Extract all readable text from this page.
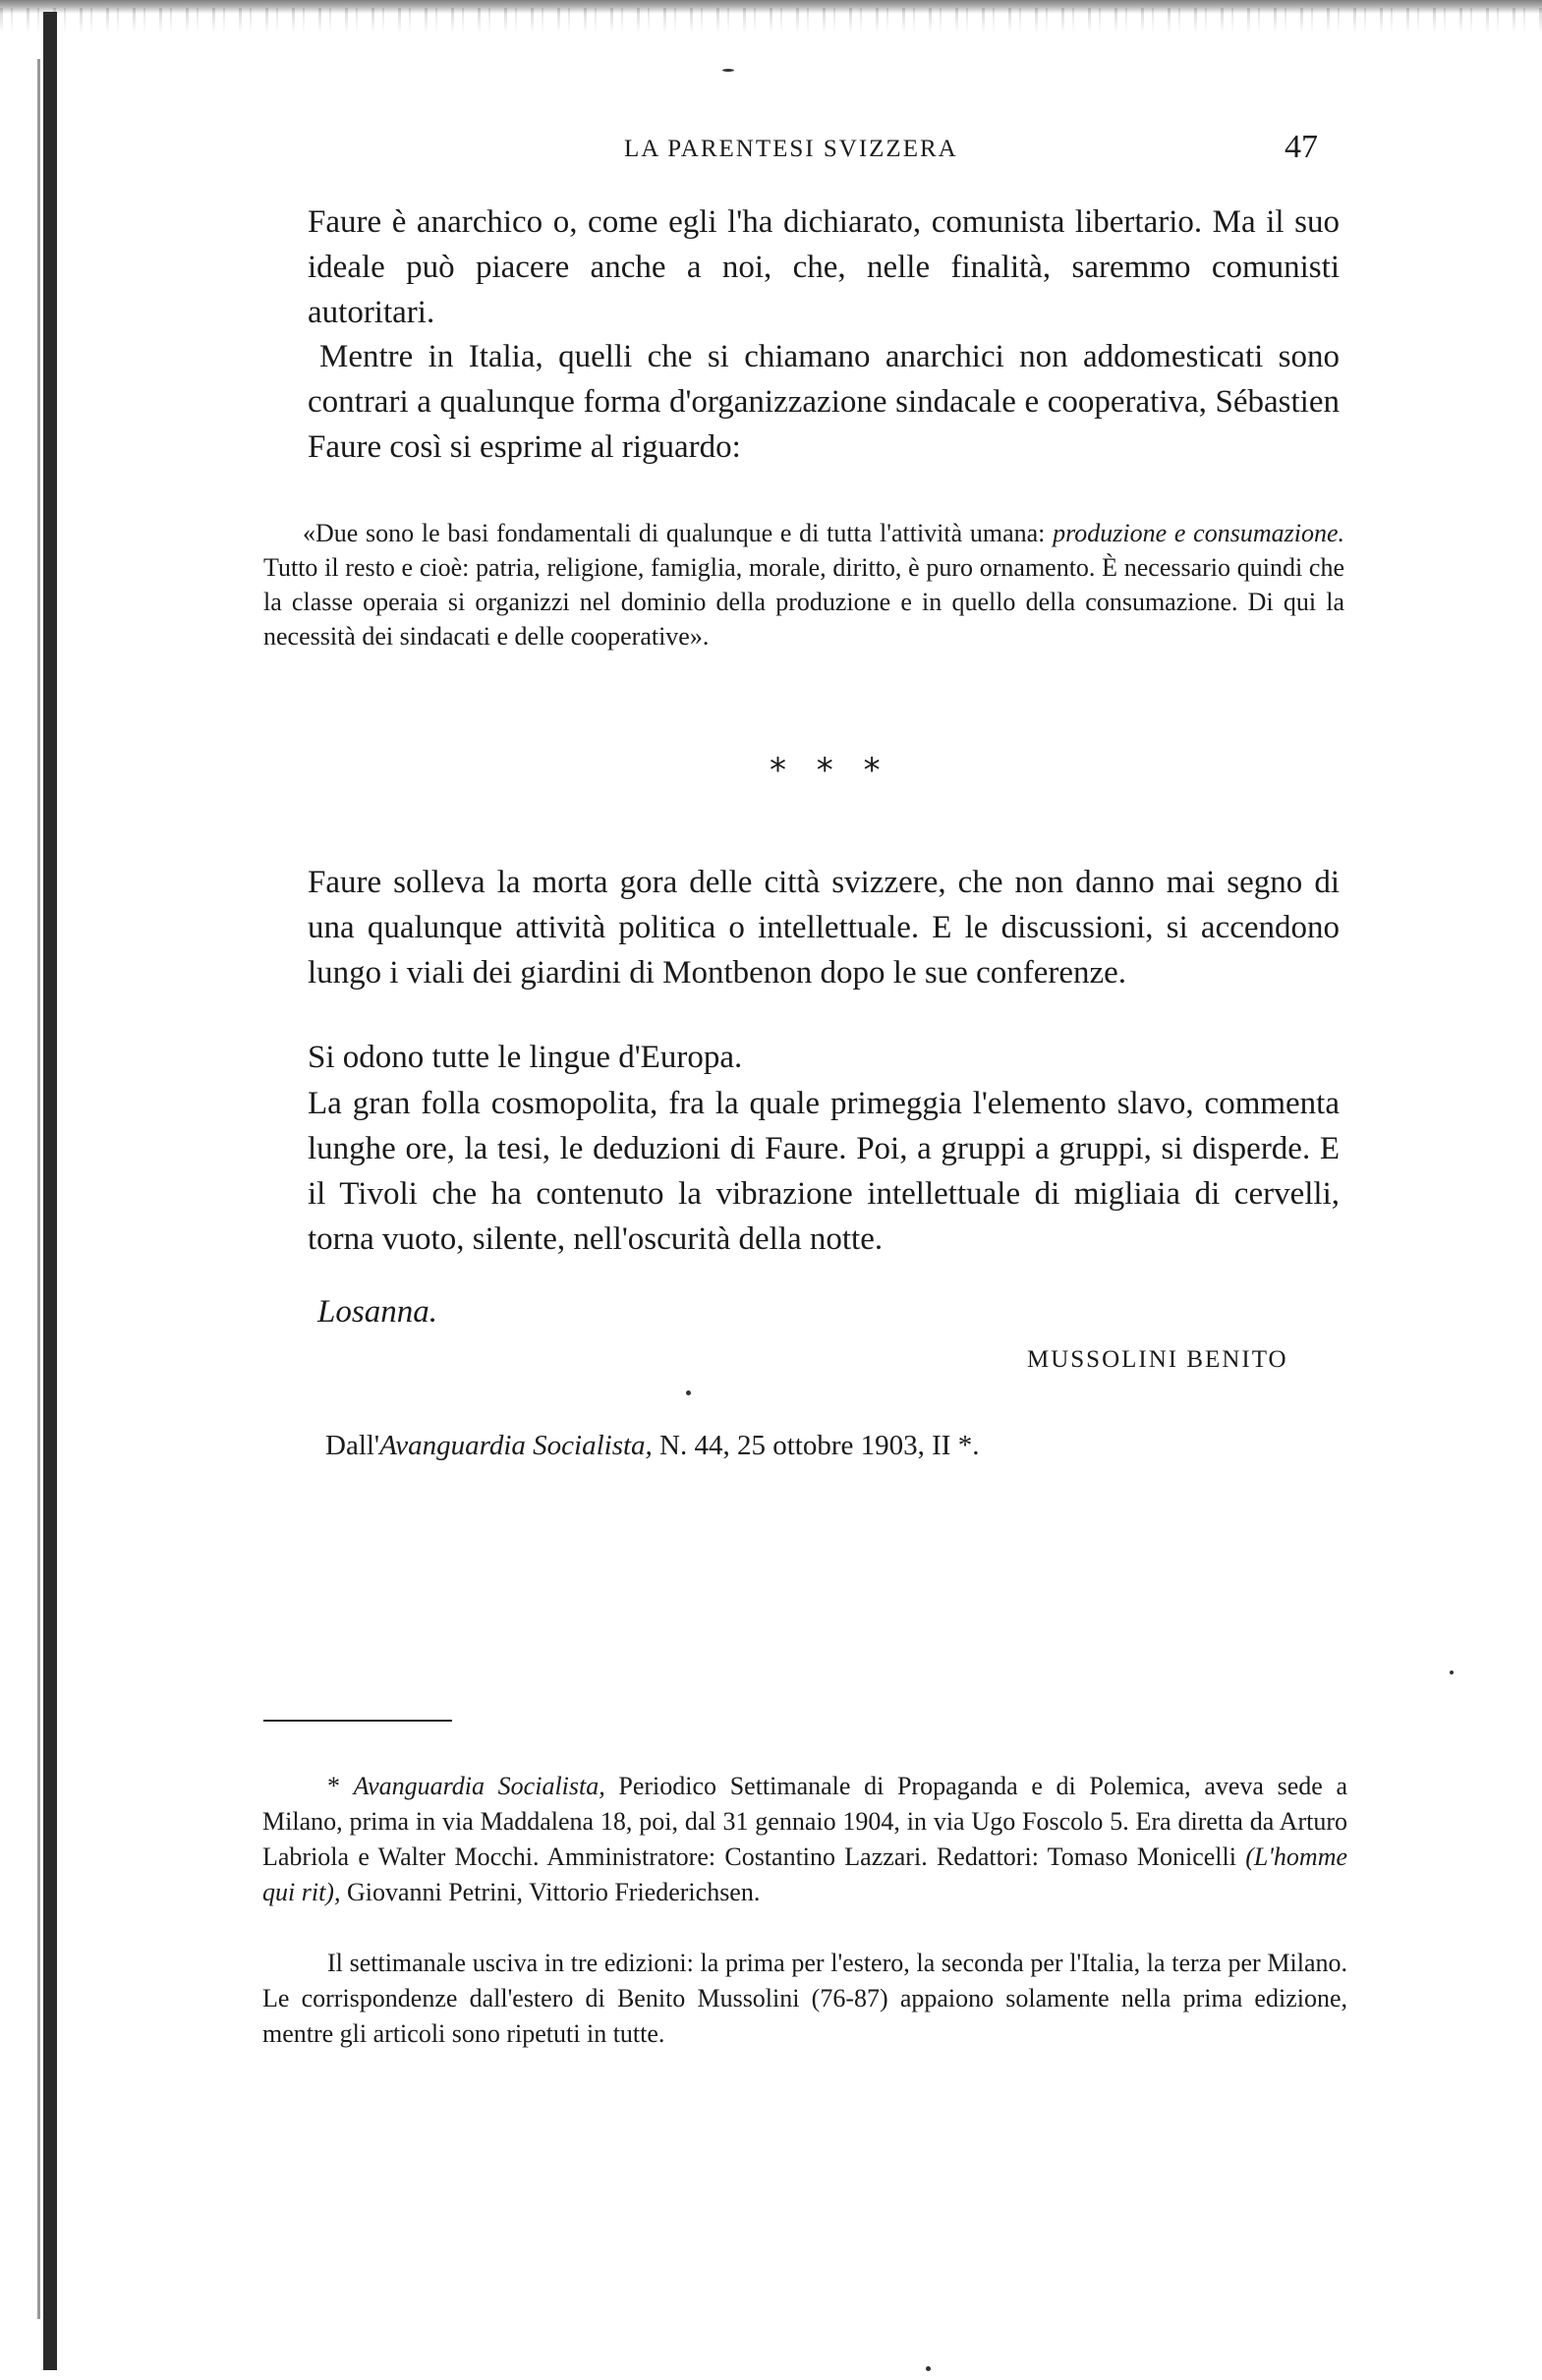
LA PARENTESI SVIZZERA	47

Faure è anarchico o, come egli l'ha dichiarato, comunista libertario. Ma il suo ideale può piacere anche a noi, che, nelle finalità, saremmo comunisti autoritari.

Mentre in Italia, quelli che si chiamano anarchici non addomesticati sono contrari a qualunque forma d'organizzazione sindacale e cooperativa, Sébastien Faure così si esprime al riguardo:

«Due sono le basi fondamentali di qualunque e di tutta l'attività umana: produzione e consumazione. Tutto il resto e cioè: patria, religione, famiglia, morale, diritto, è puro ornamento. È necessario quindi che la classe operaia si organizzi nel dominio della produzione e in quello della consumazione. Di qui la necessità dei sindacati e delle cooperative».

* * *

Faure solleva la morta gora delle città svizzere, che non danno mai segno di una qualunque attività politica o intellettuale. E le discussioni, si accendono lungo i viali dei giardini di Montbenon dopo le sue conferenze.

Si odono tutte le lingue d'Europa.

La gran folla cosmopolita, fra la quale primeggia l'elemento slavo, commenta lunghe ore, la tesi, le deduzioni di Faure. Poi, a gruppi a gruppi, si disperde. E il Tivoli che ha contenuto la vibrazione intellettuale di migliaia di cervelli, torna vuoto, silente, nell'oscurità della notte.

Losanna.
MUSSOLINI BENITO
Dall'Avanguardia Socialista, N. 44, 25 ottobre 1903, II *.

* Avanguardia Socialista, Periodico Settimanale di Propaganda e di Polemica, aveva sede a Milano, prima in via Maddalena 18, poi, dal 31 gennaio 1904, in via Ugo Foscolo 5. Era diretta da Arturo Labriola e Walter Mocchi. Amministratore: Costantino Lazzari. Redattori: Tomaso Monicelli (L'homme qui rit), Giovanni Petrini, Vittorio Friederichsen.

Il settimanale usciva in tre edizioni: la prima per l'estero, la seconda per l'Italia, la terza per Milano. Le corrispondenze dall'estero di Benito Mussolini (76-87) appaiono solamente nella prima edizione, mentre gli articoli sono ripetuti in tutte.
